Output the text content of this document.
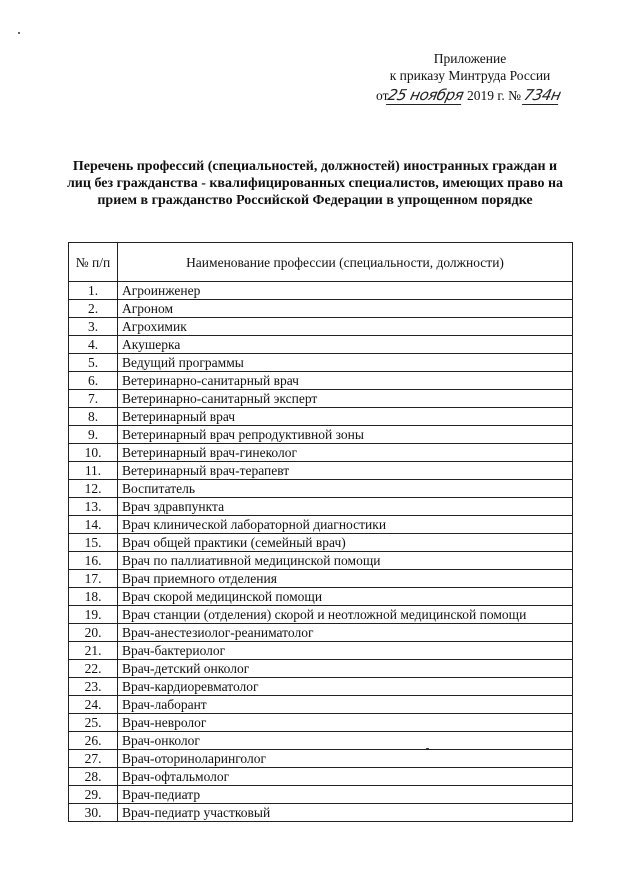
Приложение
к приказу Минтруда России
от25 ноября 2019 г. № 734н
Перечень профессий (специальностей, должностей) иностранных граждан и лиц без гражданства - квалифицированных специалистов, имеющих право на прием в гражданство Российской Федерации в упрощенном порядке
№ п/п	Наименование профессии (специальности, должности)
1.	Агроинженер
2.	Агроном
3.	Агрохимик
4.	Акушерка
5.	Ведущий программы
6.	Ветеринарно-санитарный врач
7.	Ветеринарно-санитарный эксперт
8.	Ветеринарный врач
9.	Ветеринарный врач репродуктивной зоны
10.	Ветеринарный врач-гинеколог
11.	Ветеринарный врач-терапевт
12.	Воспитатель
13.	Врач здравпункта
14.	Врач клинической лабораторной диагностики
15.	Врач общей практики (семейный врач)
16.	Врач по паллиативной медицинской помощи
17.	Врач приемного отделения
18.	Врач скорой медицинской помощи
19.	Врач станции (отделения) скорой и неотложной медицинской помощи
20.	Врач-анестезиолог-реаниматолог
21.	Врач-бактериолог
22.	Врач-детский онколог
23.	Врач-кардиоревматолог
24.	Врач-лаборант
25.	Врач-невролог
26.	Врач-онколог
27.	Врач-оториноларинголог
28.	Врач-офтальмолог
29.	Врач-педиатр
30.	Врач-педиатр участковый
